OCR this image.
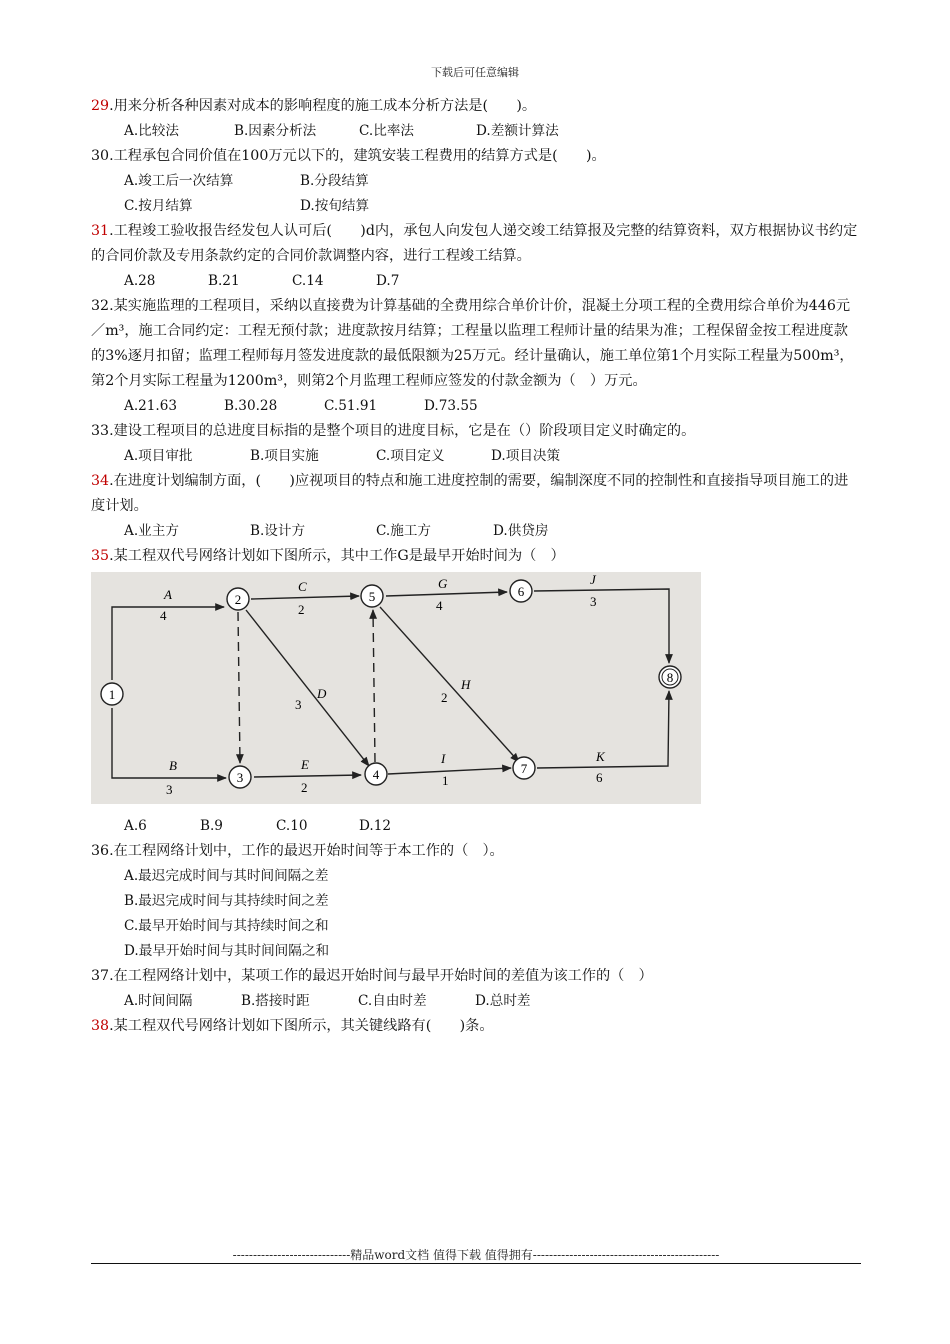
下载后可任意编辑
29.用来分析各种因素对成本的影响程度的施工成本分析方法是(　　)。
A.比较法	B.因素分析法	C.比率法	D.差额计算法
30.工程承包合同价值在100万元以下的，建筑安装工程费用的结算方式是(　　)。
A.竣工后一次结算	B.分段结算
C.按月结算	D.按旬结算
31.工程竣工验收报告经发包人认可后(　　)d内，承包人向发包人递交竣工结算报及完整的结算资料，双方根据协议书约定的合同价款及专用条款约定的合同价款调整内容，进行工程竣工结算。
A.28	B.21	C.14	D.7
32.某实施监理的工程项目，采纳以直接费为计算基础的全费用综合单价计价，混凝土分项工程的全费用综合单价为446元／m³，施工合同约定：工程无预付款；进度款按月结算；工程量以监理工程师计量的结果为准；工程保留金按工程进度款的3%逐月扣留；监理工程师每月签发进度款的最低限额为25万元。经计量确认，施工单位第1个月实际工程量为500m³，第2个月实际工程量为1200m³，则第2个月监理工程师应签发的付款金额为（　）万元。
A.21.63	B.30.28	C.51.91	D.73.55
33.建设工程项目的总进度目标指的是整个项目的进度目标，它是在（）阶段项目定义时确定的。
A.项目审批	B.项目实施	C.项目定义	D.项目决策
34.在进度计划编制方面，(　　)应视项目的特点和施工进度控制的需要，编制深度不同的控制性和直接指导项目施工的进度计划。
A.业主方	B.设计方	C.施工方	D.供贷房
35.某工程双代号网络计划如下图所示，其中工作G是最早开始时间为（　）
A
B
C
D
E
G
H
I
J
K
4
3
2
3
2
4
2
1
3
6
1
2
3	4
5	6
7
8
A.6	B.9	C.10	D.12
36.在工程网络计划中，工作的最迟开始时间等于本工作的（　）。
A.最迟完成时间与其时间间隔之差
B.最迟完成时间与其持续时间之差
C.最早开始时间与其持续时间之和
D.最早开始时间与其时间间隔之和
37.在工程网络计划中，某项工作的最迟开始时间与最早开始时间的差值为该工作的（　）
A.时间间隔	B.搭接时距	C.自由时差	D.总时差
38.某工程双代号网络计划如下图所示，其关键线路有(　　)条。
-----------------------------精品word文档 值得下载 值得拥有----------------------------------------------
